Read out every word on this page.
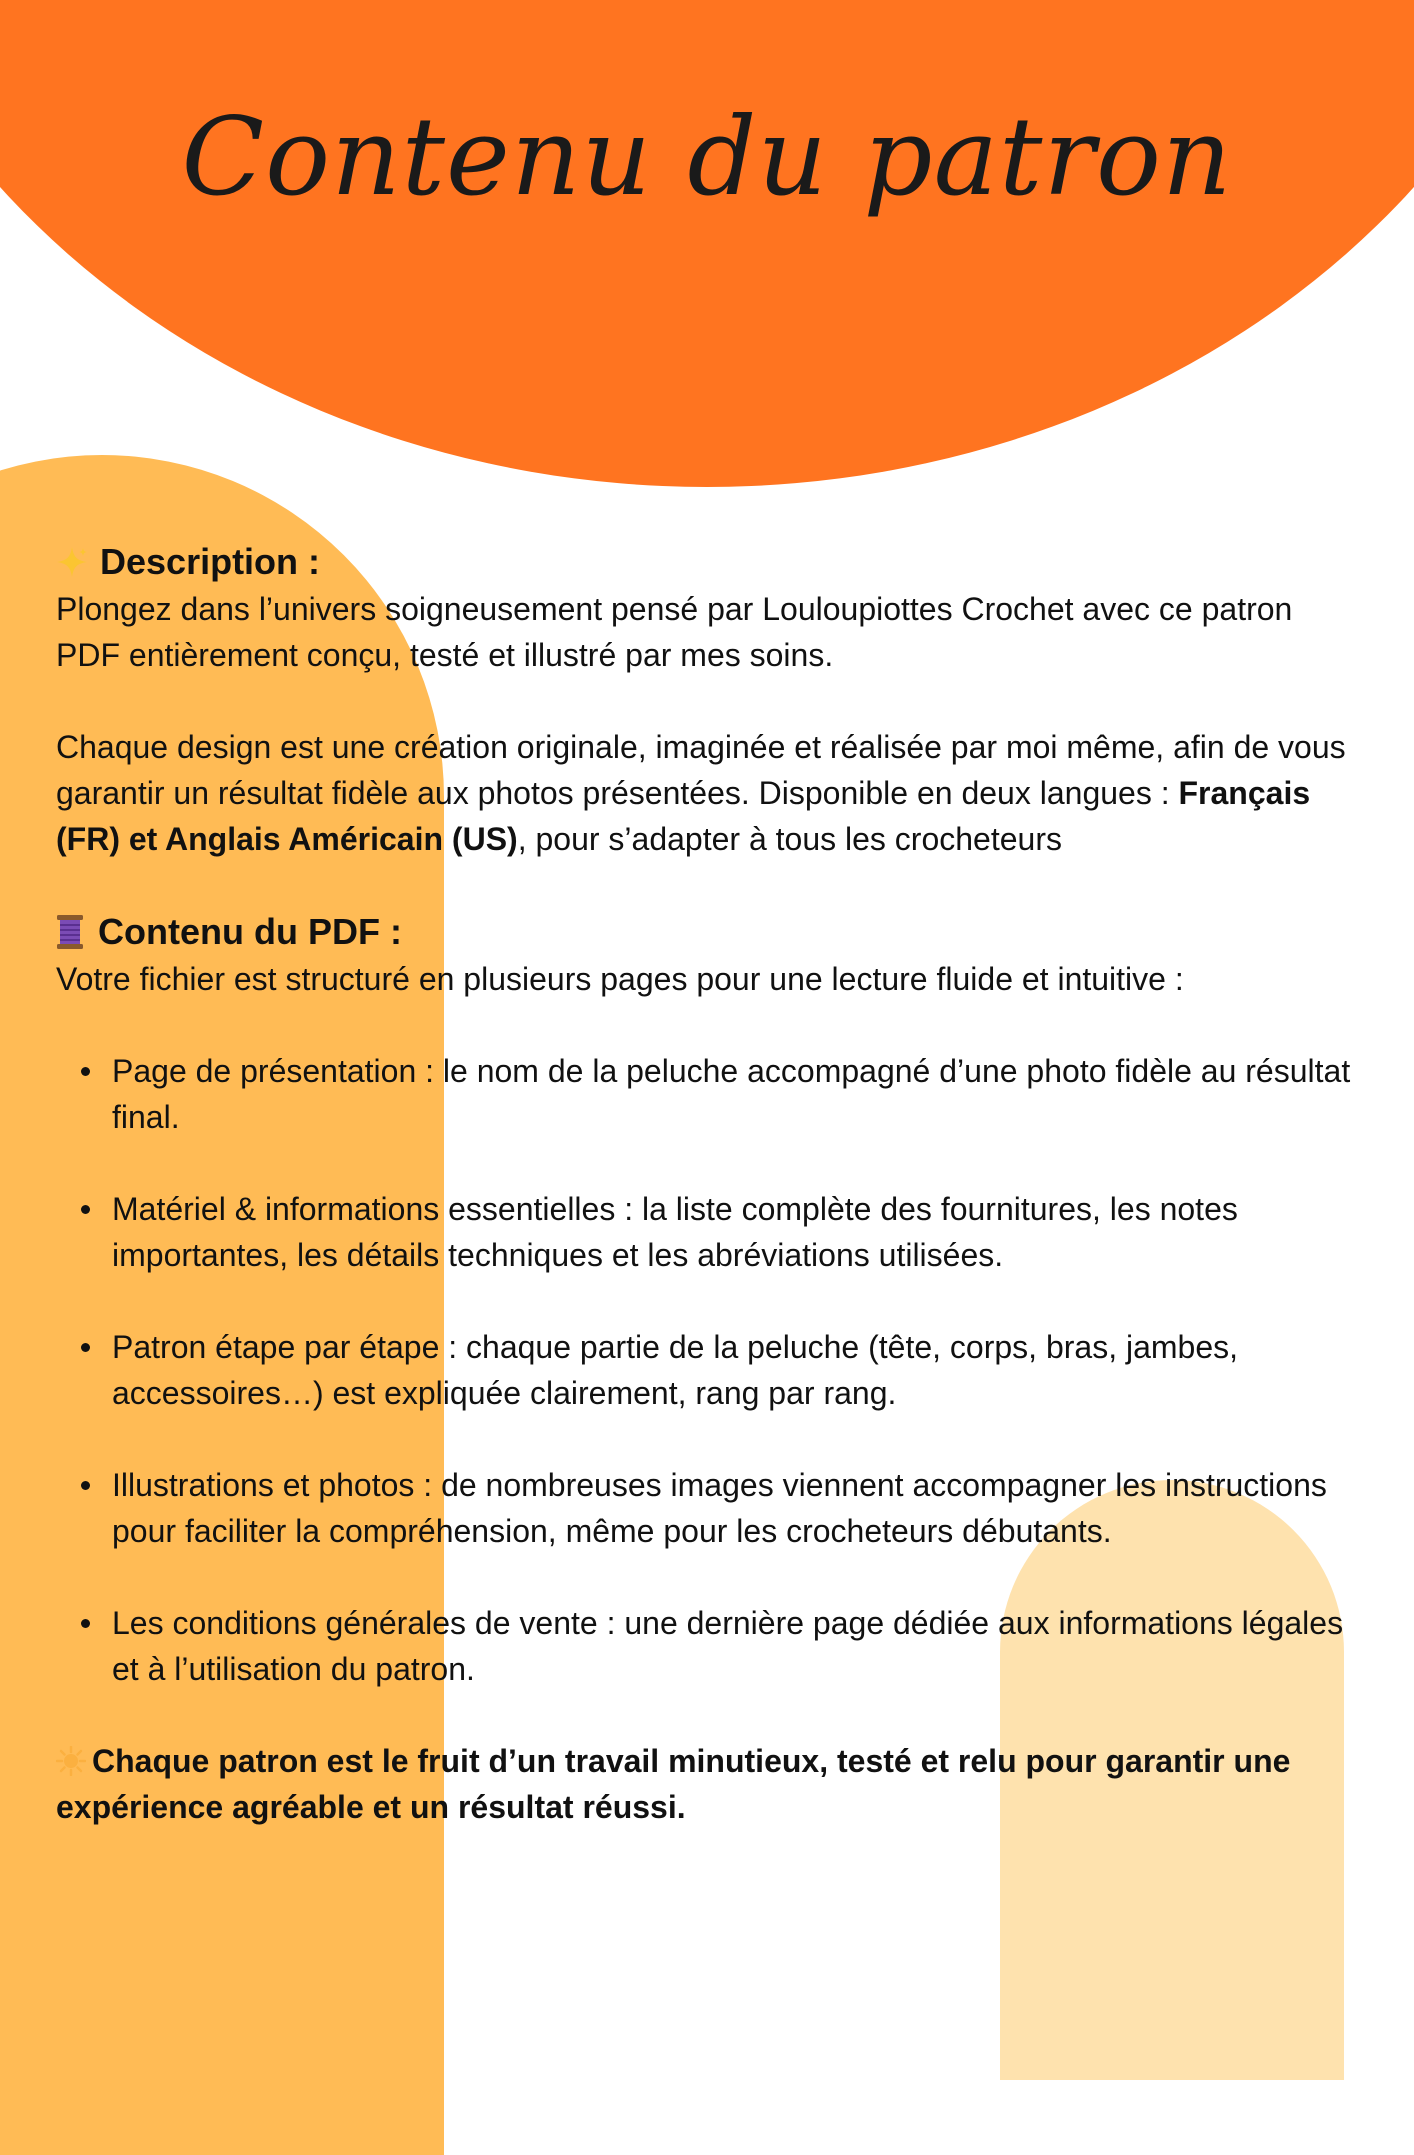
Contenu du patron
Description :

Plongez dans l’univers soigneusement pensé par Louloupiottes Crochet avec ce patron PDF entièrement conçu, testé et illustré par mes soins.

Chaque design est une création originale, imaginée et réalisée par moi même, afin de vous garantir un résultat fidèle aux photos présentées. Disponible en deux langues : Français (FR) et Anglais Américain (US), pour s’adapter à tous les crocheteurs

Contenu du PDF :

Votre fichier est structuré en plusieurs pages pour une lecture fluide et intuitive :

Page de présentation : le nom de la peluche accompagné d’une photo fidèle au résultat final.
Matériel & informations essentielles : la liste complète des fournitures, les notes importantes, les détails techniques et les abréviations utilisées.
Patron étape par étape : chaque partie de la peluche (tête, corps, bras, jambes, accessoires…) est expliquée clairement, rang par rang.
Illustrations et photos : de nombreuses images viennent accompagner les instructions pour faciliter la compréhension, même pour les crocheteurs débutants.
Les conditions générales de vente : une dernière page dédiée aux informations légales et à l’utilisation du patron.

Chaque patron est le fruit d’un travail minutieux, testé et relu pour garantir une expérience agréable et un résultat réussi.
